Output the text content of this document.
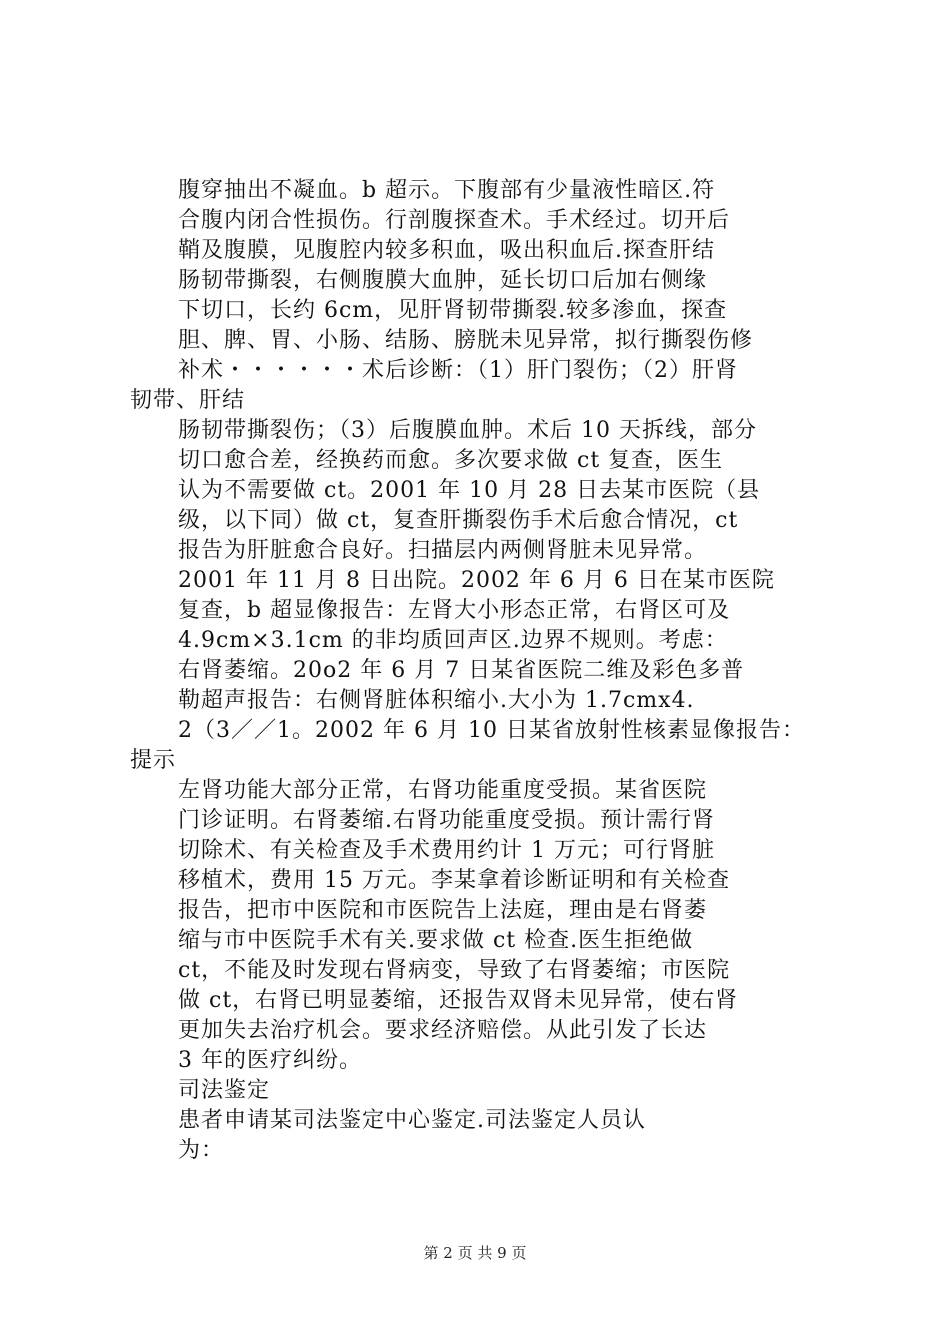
腹穿抽出不凝血。b 超示。下腹部有少量液性暗区.符
合腹内闭合性损伤。行剖腹探查术。手术经过。切开后
鞘及腹膜，见腹腔内较多积血，吸出积血后.探查肝结
肠韧带撕裂，右侧腹膜大血肿，延长切口后加右侧缘
下切口，长约 6cm，见肝肾韧带撕裂.较多渗血，探查
胆、脾、胃、小肠、结肠、膀胱未见异常，拟行撕裂伤修
补术・・・・・・术后诊断：（1）肝门裂伤；（2）肝肾
韧带、肝结
肠韧带撕裂伤；（3）后腹膜血肿。术后 10 天拆线，部分
切口愈合差，经换药而愈。多次要求做 ct 复查，医生
认为不需要做 ct。2001 年 10 月 28 日去某市医院（县
级，以下同）做 ct，复查肝撕裂伤手术后愈合情况，ct
报告为肝脏愈合良好。扫描层内两侧肾脏未见异常。
2001 年 11 月 8 日出院。2002 年 6 月 6 日在某市医院
复查，b 超显像报告：左肾大小形态正常，右肾区可及
4.9cm×3.1cm 的非均质回声区.边界不规则。考虑：
右肾萎缩。20o2 年 6 月 7 日某省医院二维及彩色多普
勒超声报告：右侧肾脏体积缩小.大小为 1.7cmx4.
2（3／／1。2002 年 6 月 10 日某省放射性核素显像报告：
提示
左肾功能大部分正常，右肾功能重度受损。某省医院
门诊证明。右肾萎缩.右肾功能重度受损。预计需行肾
切除术、有关检查及手术费用约计 1 万元；可行肾脏
移植术，费用 15 万元。李某拿着诊断证明和有关检查
报告，把市中医院和市医院告上法庭，理由是右肾萎
缩与市中医院手术有关.要求做 ct 检查.医生拒绝做
ct，不能及时发现右肾病变，导致了右肾萎缩；市医院
做 ct，右肾已明显萎缩，还报告双肾未见异常，使右肾
更加失去治疗机会。要求经济赔偿。从此引发了长达
3 年的医疗纠纷。
司法鉴定
患者申请某司法鉴定中心鉴定.司法鉴定人员认
为：
第 2 页 共 9 页
